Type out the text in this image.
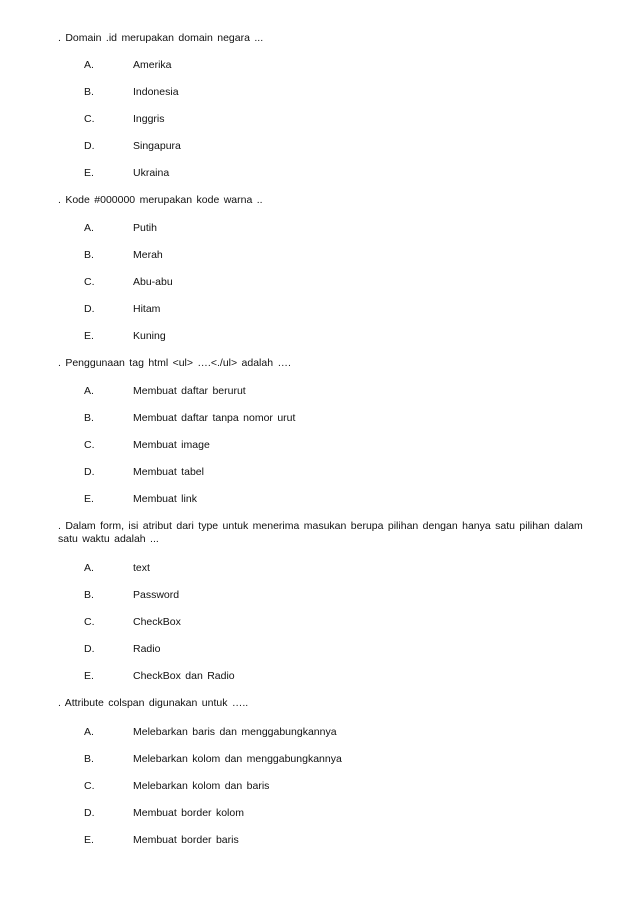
. Domain .id merupakan domain negara ...
A.	Amerika
B.	Indonesia
C.	Inggris
D.	Singapura
E.	Ukraina
. Kode #000000 merupakan kode warna ..
A.	Putih
B.	Merah
C.	Abu-abu
D.	Hitam
E.	Kuning
. Penggunaan tag html <ul> ….<./ul> adalah ….
A.	Membuat daftar berurut
B.	Membuat daftar tanpa nomor urut
C.	Membuat image
D.	Membuat tabel
E.	Membuat link
. Dalam form, isi atribut dari type untuk menerima masukan berupa pilihan dengan hanya satu pilihan dalam satu waktu adalah ...
A.	text
B.	Password
C.	CheckBox
D.	Radio
E.	CheckBox dan Radio
. Attribute colspan digunakan untuk …..
A.	Melebarkan baris dan menggabungkannya
B.	Melebarkan kolom dan menggabungkannya
C.	Melebarkan kolom dan baris
D.	Membuat border kolom
E.	Membuat border baris
